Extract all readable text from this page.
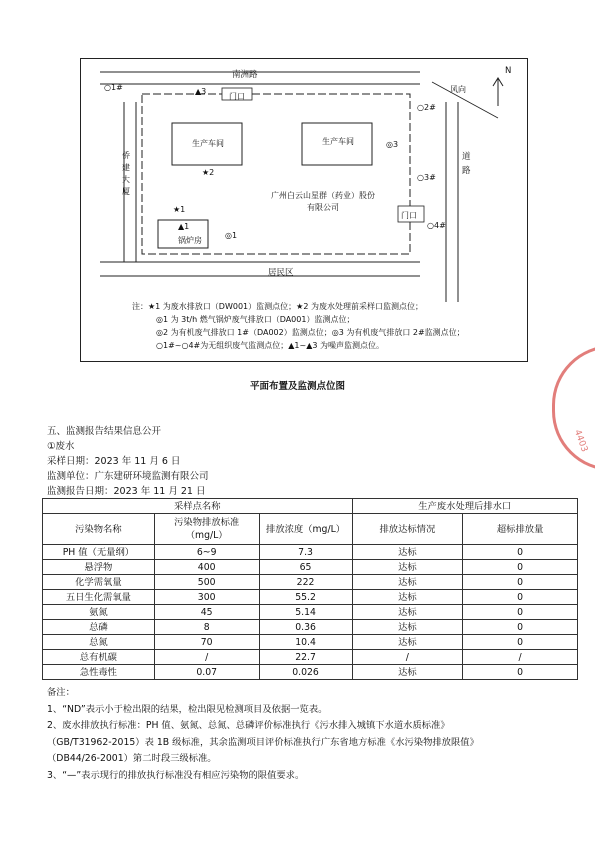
南洲路	N
风向
道路
侨建大厦
居民区
门口
门口
生产车间	生产车间
锅炉房
广州白云山星群（药业）股份有限公司
○1#
○2#
○3#
○4#
▲3
▲1
★1
★2
◎1
◎3
注：★1 为废水排放口（DW001）监测点位；★2 为废水处理前采样口监测点位；
◎1 为 3t/h 燃气锅炉废气排放口（DA001）监测点位；
◎2 为有机废气排放口 1#（DA002）监测点位；◎3 为有机废气排放口 2#监测点位；
○1#~○4#为无组织废气监测点位；▲1~▲3 为噪声监测点位。
平面布置及监测点位图
五、监测报告结果信息公开
①废水
采样日期：2023 年 11 月 6 日
监测单位：广东建研环境监测有限公司
监测报告日期：2023 年 11 月 21 日
采样点名称			生产废水处理后排水口	
污染物名称	污染物排放标准（mg/L）	排放浓度（mg/L）	排放达标情况	超标排放量
PH 值（无量纲）	6~9	7.3	达标	0
悬浮物	400	65	达标	0
化学需氧量	500	222	达标	0
五日生化需氧量	300	55.2	达标	0
氨氮	45	5.14	达标	0
总磷	8	0.36	达标	0
总氮	70	10.4	达标	0
总有机碳	/	22.7	/	/
急性毒性	0.07	0.026	达标	0
备注：
1、“ND”表示小于检出限的结果，检出限见检测项目及依据一览表。
2、废水排放执行标准：PH 值、氨氮、总氮、总磷评价标准执行《污水排入城镇下水道水质标准》
（GB/T31962-2015）表 1B 级标准，其余监测项目评价标准执行广东省地方标准《水污染物排放限值》
（DB44/26-2001）第二时段三级标准。
3、“—”表示现行的排放执行标准没有相应污染物的限值要求。
4403
